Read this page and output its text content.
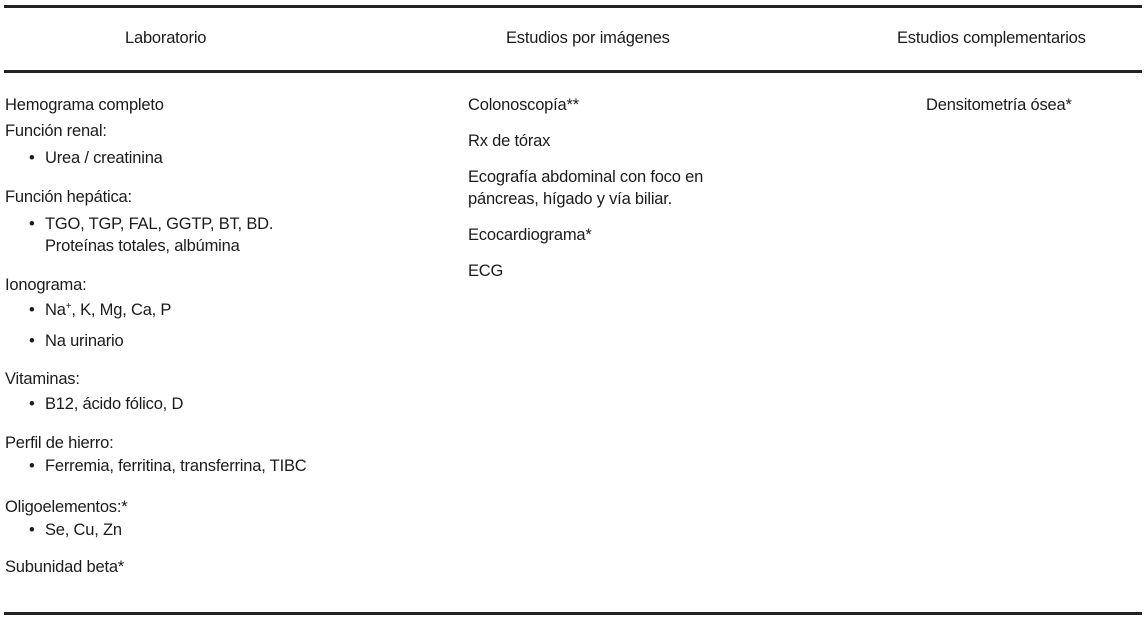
Laboratorio	Estudios por imágenes	Estudios complementarios
Hemograma completo
Función renal:
• Urea / creatinina
Función hepática:
• TGO, TGP, FAL, GGTP, BT, BD.
Proteínas totales, albúmina
Ionograma:
• Na+, K, Mg, Ca, P
• Na urinario
Vitaminas:
• B12, ácido fólico, D
Perfil de hierro:
• Ferremia, ferritina, transferrina, TIBC
Oligoelementos:*
• Se, Cu, Zn
Subunidad beta*
Colonoscopía**
Rx de tórax
Ecografía abdominal con foco en
páncreas, hígado y vía biliar.
Ecocardiograma*
ECG
Densitometría ósea*
